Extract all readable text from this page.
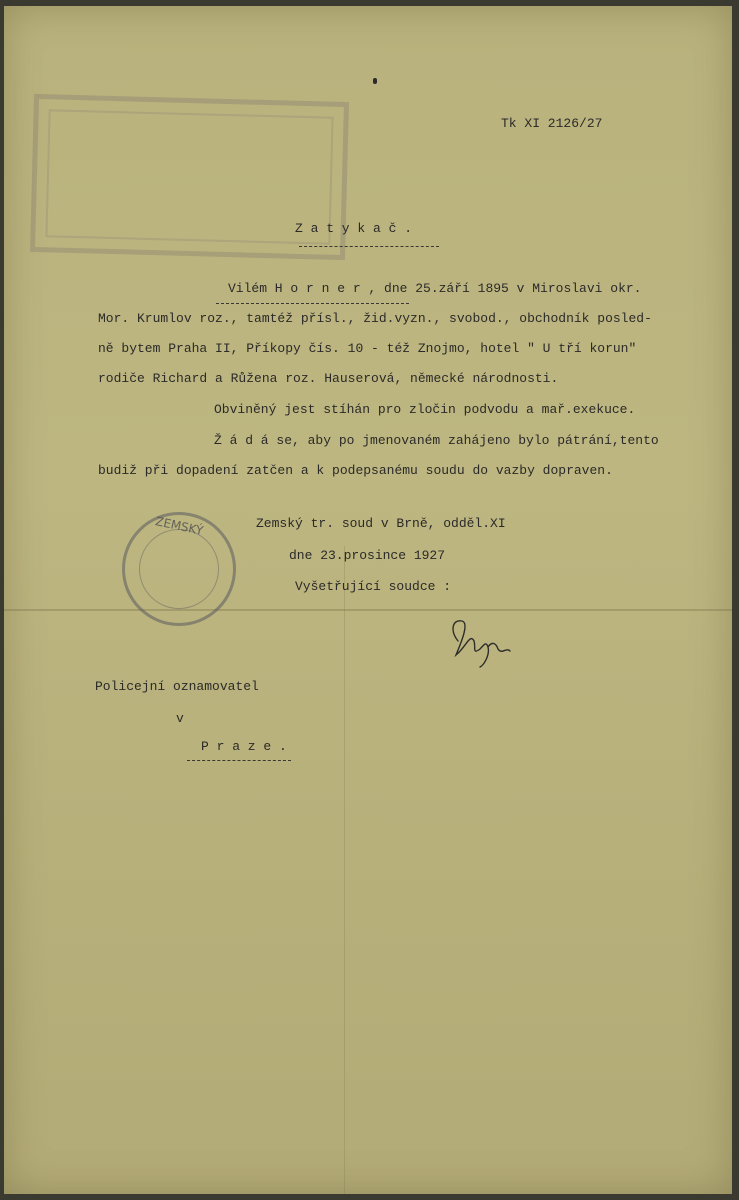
Tk XI 2126/27
Z a t y k a č .
Vilém H o r n e r , dne 25.září 1895 v Miroslavi okr.
Mor. Krumlov roz., tamtéž přísl., žid.vyzn., svobod., obchodník posled-
ně bytem Praha II, Příkopy čís. 10 - též Znojmo, hotel " U tří korun"
rodiče Richard a Růžena roz. Hauserová, německé národnosti.
Obviněný jest stíhán pro zločin podvodu a mař.exekuce.
Ž á d á se, aby po jmenovaném zahájeno bylo pátrání,tento
budiž při dopadení zatčen a k podepsanému soudu do vazby dopraven.
ZEMSKÝ	Zemský tr. soud v Brně, odděl.XI
dne 23.prosince 1927
Vyšetřující soudce :
Policejní oznamovatel
v
P r a z e .
